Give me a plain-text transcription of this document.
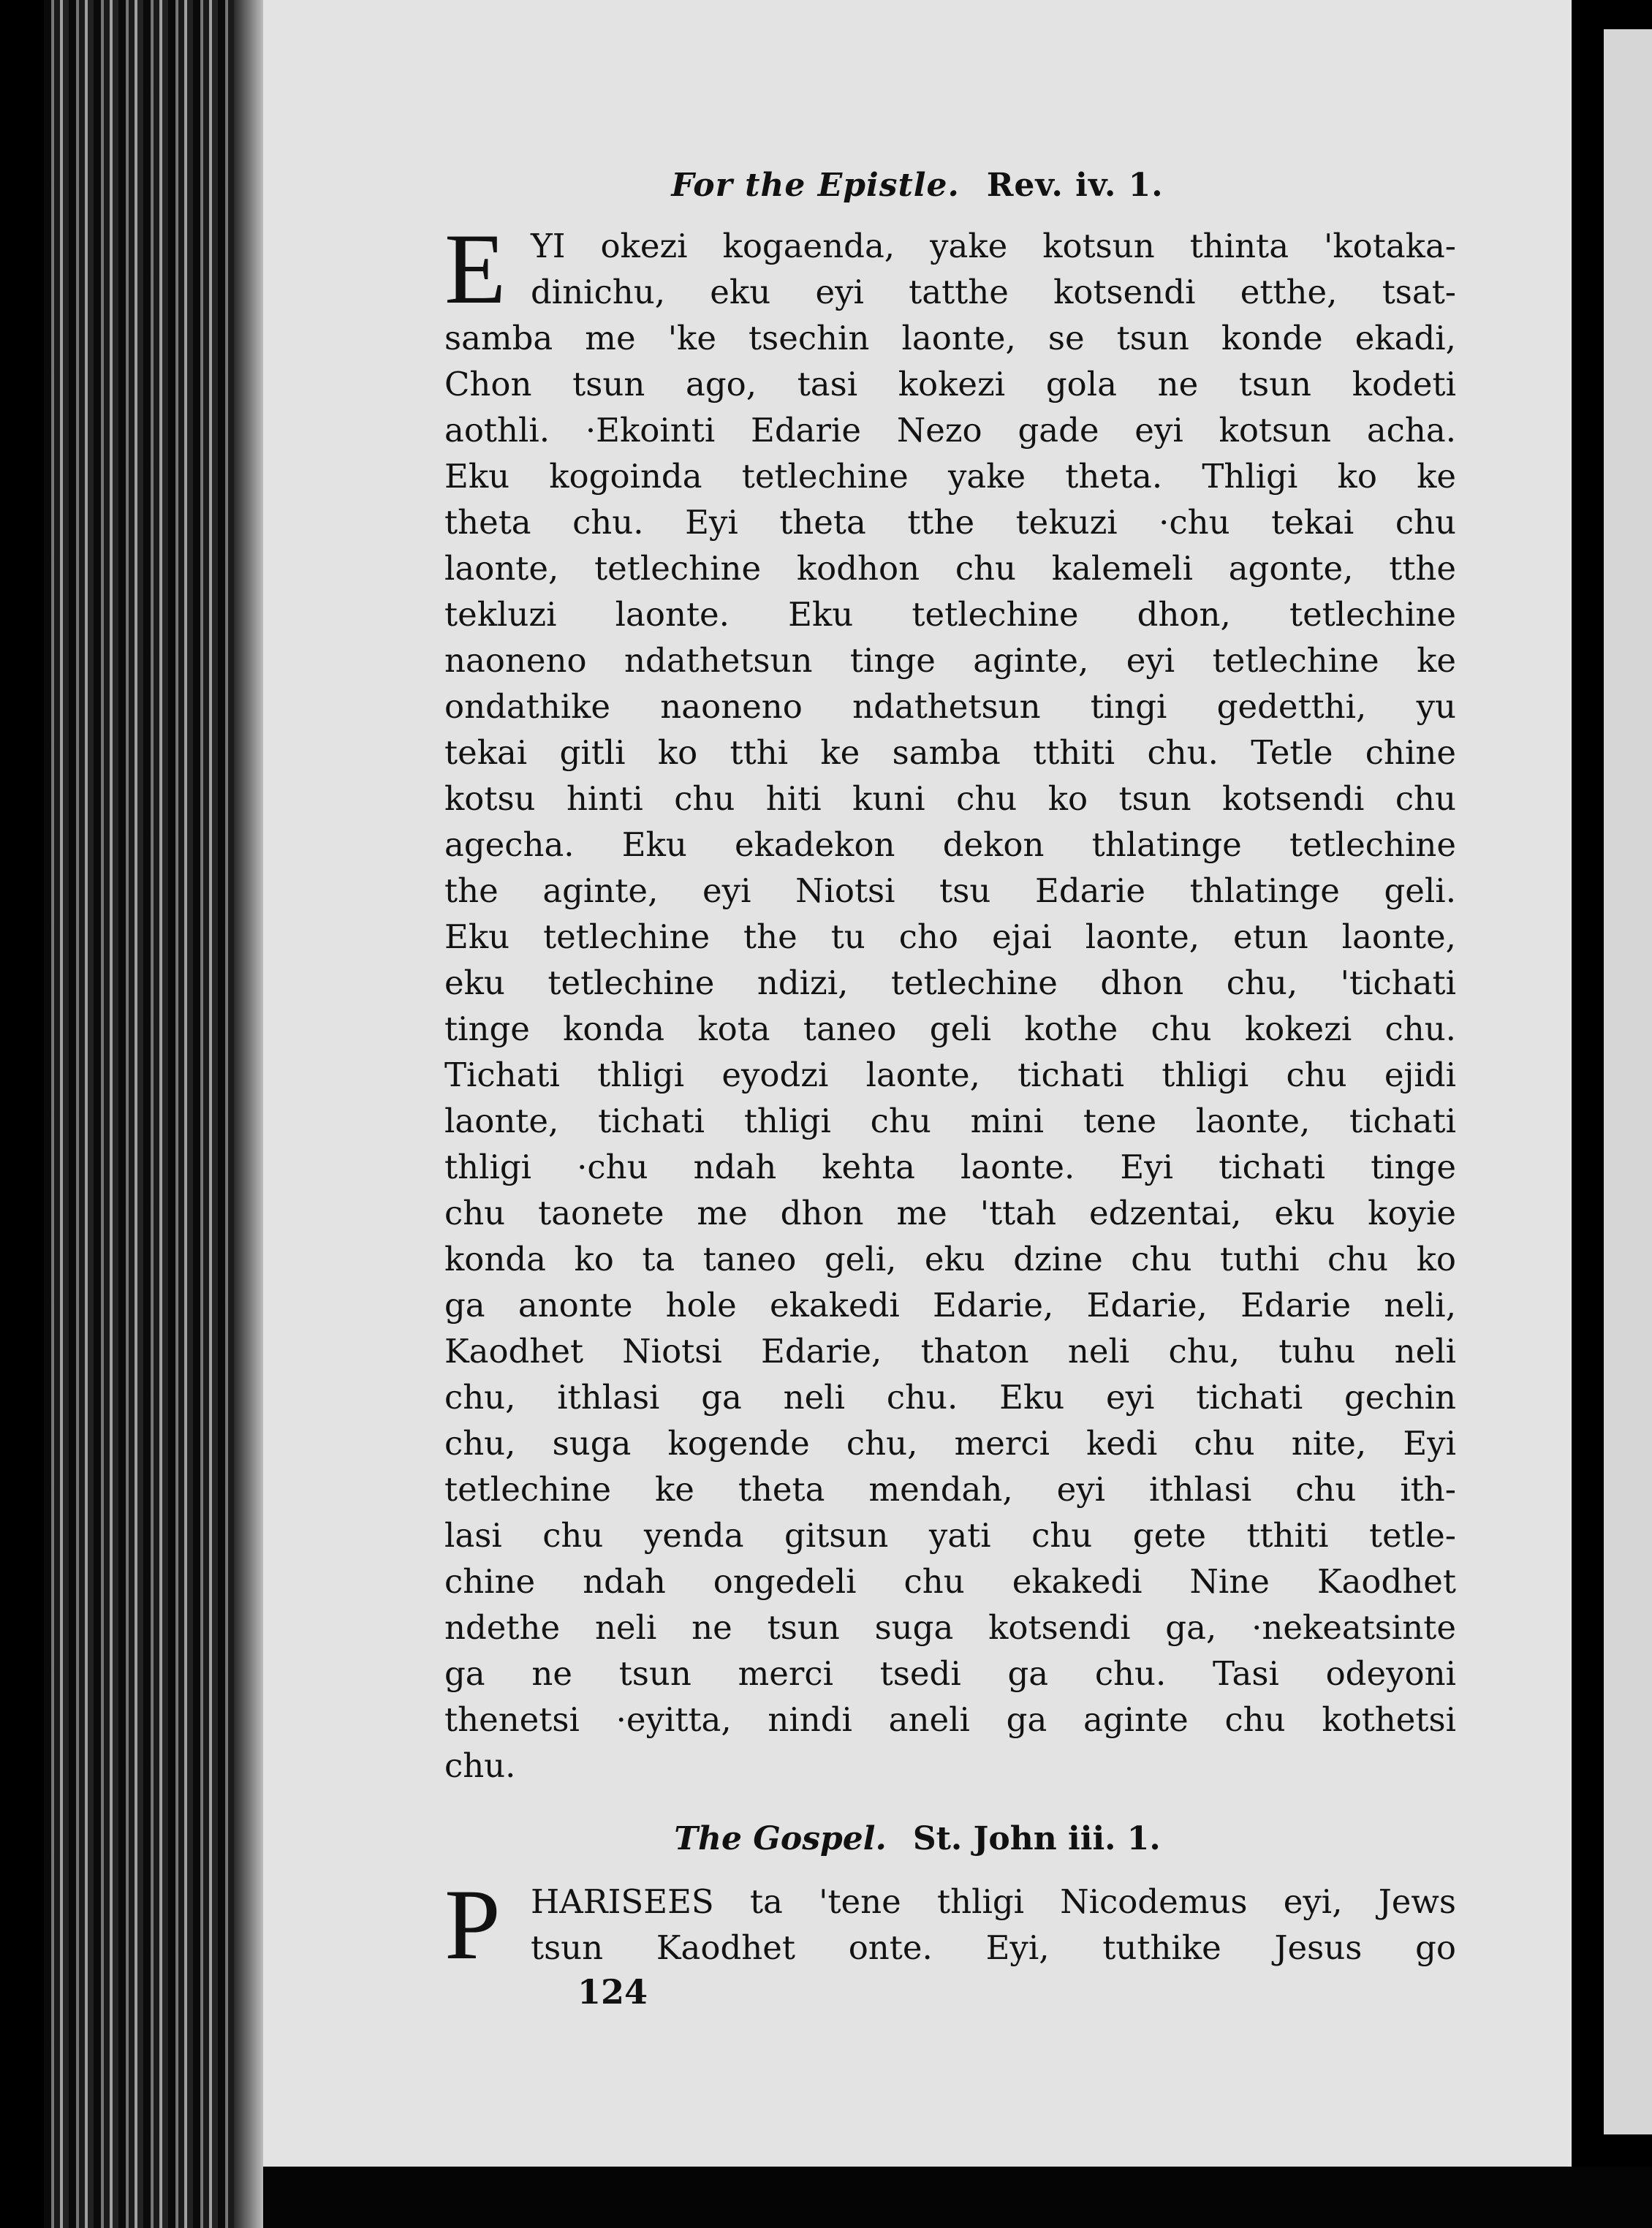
For the Epistle. Rev. iv. 1.
E YI okezi kogaenda, yake kotsun thinta 'kotaka-
dinichu, eku eyi tatthe kotsendi etthe, tsat-
samba me 'ke tsechin laonte, se tsun konde ekadi,
Chon tsun ago, tasi kokezi gola ne tsun kodeti
aothli. ·Ekointi Edarie Nezo gade eyi kotsun acha.
Eku kogoinda tetlechine yake theta. Thligi ko ke
theta chu. Eyi theta tthe tekuzi ·chu tekai chu
laonte, tetlechine kodhon chu kalemeli agonte, tthe
tekluzi laonte. Eku tetlechine dhon, tetlechine
naoneno ndathetsun tinge aginte, eyi tetlechine ke
ondathike naoneno ndathetsun tingi gedetthi, yu
tekai gitli ko tthi ke samba tthiti chu. Tetle chine
kotsu hinti chu hiti kuni chu ko tsun kotsendi chu
agecha. Eku ekadekon dekon thlatinge tetlechine
the aginte, eyi Niotsi tsu Edarie thlatinge geli.
Eku tetlechine the tu cho ejai laonte, etun laonte,
eku tetlechine ndizi, tetlechine dhon chu, 'tichati
tinge konda kota taneo geli kothe chu kokezi chu.
Tichati thligi eyodzi laonte, tichati thligi chu ejidi
laonte, tichati thligi chu mini tene laonte, tichati
thligi ·chu ndah kehta laonte. Eyi tichati tinge
chu taonete me dhon me 'ttah edzentai, eku koyie
konda ko ta taneo geli, eku dzine chu tuthi chu ko
ga anonte hole ekakedi Edarie, Edarie, Edarie neli,
Kaodhet Niotsi Edarie, thaton neli chu, tuhu neli
chu, ithlasi ga neli chu. Eku eyi tichati gechin
chu, suga kogende chu, merci kedi chu nite, Eyi
tetlechine ke theta mendah, eyi ithlasi chu ith-
lasi chu yenda gitsun yati chu gete tthiti tetle-
chine ndah ongedeli chu ekakedi Nine Kaodhet
ndethe neli ne tsun suga kotsendi ga, ·nekeatsinte
ga ne tsun merci tsedi ga chu. Tasi odeyoni
thenetsi ·eyitta, nindi aneli ga aginte chu kothetsi
chu.
The Gospel. St. John iii. 1.
P HARISEES ta 'tene thligi Nicodemus eyi, Jews
tsun Kaodhet onte. Eyi, tuthike Jesus go
124
